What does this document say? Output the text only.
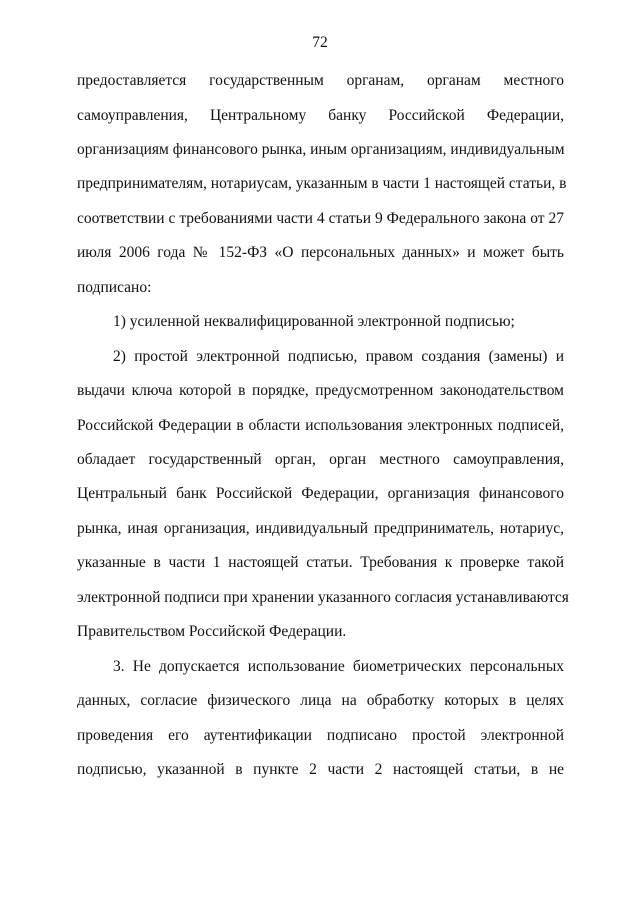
72
предоставляется государственным органам, органам местного
самоуправления, Центральному банку Российской Федерации,
организациям финансового рынка, иным организациям, индивидуальным
предпринимателям, нотариусам, указанным в части 1 настоящей статьи, в
соответствии с требованиями части 4 статьи 9 Федерального закона от 27
июля 2006 года № 152-ФЗ «О персональных данных» и может быть
подписано:
1) усиленной неквалифицированной электронной подписью;
2) простой электронной подписью, правом создания (замены) и
выдачи ключа которой в порядке, предусмотренном законодательством
Российской Федерации в области использования электронных подписей,
обладает государственный орган, орган местного самоуправления,
Центральный банк Российской Федерации, организация финансового
рынка, иная организация, индивидуальный предприниматель, нотариус,
указанные в части 1 настоящей статьи. Требования к проверке такой
электронной подписи при хранении указанного согласия устанавливаются
Правительством Российской Федерации.
3. Не допускается использование биометрических персональных
данных, согласие физического лица на обработку которых в целях
проведения его аутентификации подписано простой электронной
подписью, указанной в пункте 2 части 2 настоящей статьи, в не
